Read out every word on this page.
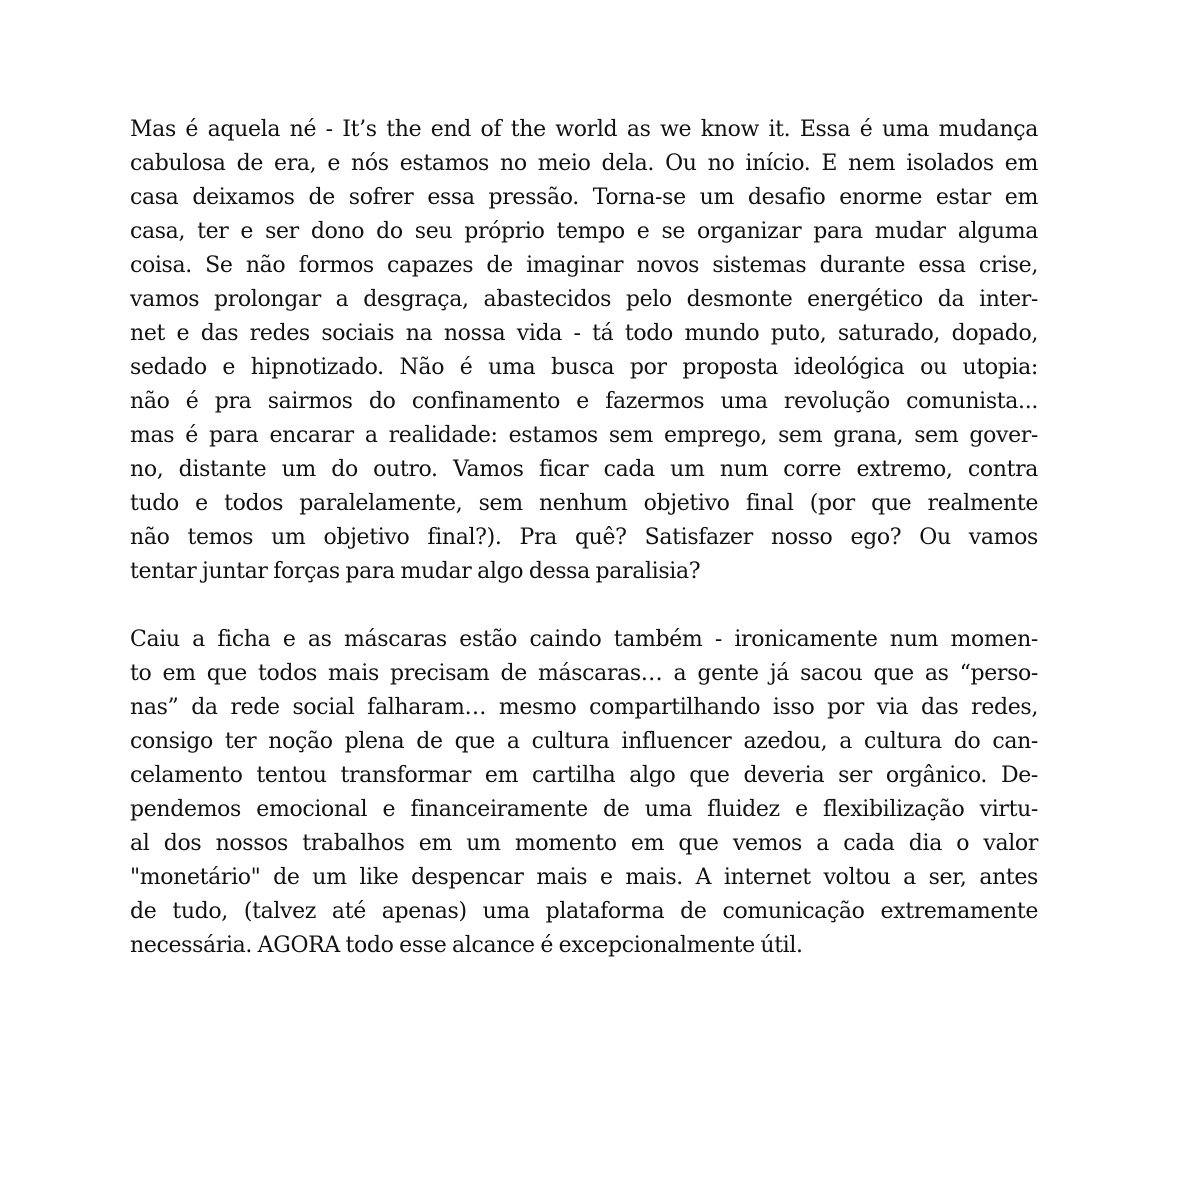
Mas é aquela né - It’s the end of the world as we know it. Essa é uma mudança
cabulosa de era, e nós estamos no meio dela. Ou no início. E nem isolados em
casa deixamos de sofrer essa pressão. Torna-se um desafio enorme estar em
casa, ter e ser dono do seu próprio tempo e se organizar para mudar alguma
coisa. Se não formos capazes de imaginar novos sistemas durante essa crise,
vamos prolongar a desgraça, abastecidos pelo desmonte energético da inter-
net e das redes sociais na nossa vida - tá todo mundo puto, saturado, dopado,
sedado e hipnotizado. Não é uma busca por proposta ideológica ou utopia:
não é pra sairmos do confinamento e fazermos uma revolução comunista...
mas é para encarar a realidade: estamos sem emprego, sem grana, sem gover-
no, distante um do outro. Vamos ficar cada um num corre extremo, contra
tudo e todos paralelamente, sem nenhum objetivo final (por que realmente
não temos um objetivo final?). Pra quê? Satisfazer nosso ego? Ou vamos
tentar juntar forças para mudar algo dessa paralisia?
Caiu a ficha e as máscaras estão caindo também - ironicamente num momen-
to em que todos mais precisam de máscaras… a gente já sacou que as “perso-
nas” da rede social falharam… mesmo compartilhando isso por via das redes,
consigo ter noção plena de que a cultura influencer azedou, a cultura do can-
celamento tentou transformar em cartilha algo que deveria ser orgânico. De-
pendemos emocional e financeiramente de uma fluidez e flexibilização virtu-
al dos nossos trabalhos em um momento em que vemos a cada dia o valor
"monetário" de um like despencar mais e mais. A internet voltou a ser, antes
de tudo, (talvez até apenas) uma plataforma de comunicação extremamente
necessária. AGORA todo esse alcance é excepcionalmente útil.
